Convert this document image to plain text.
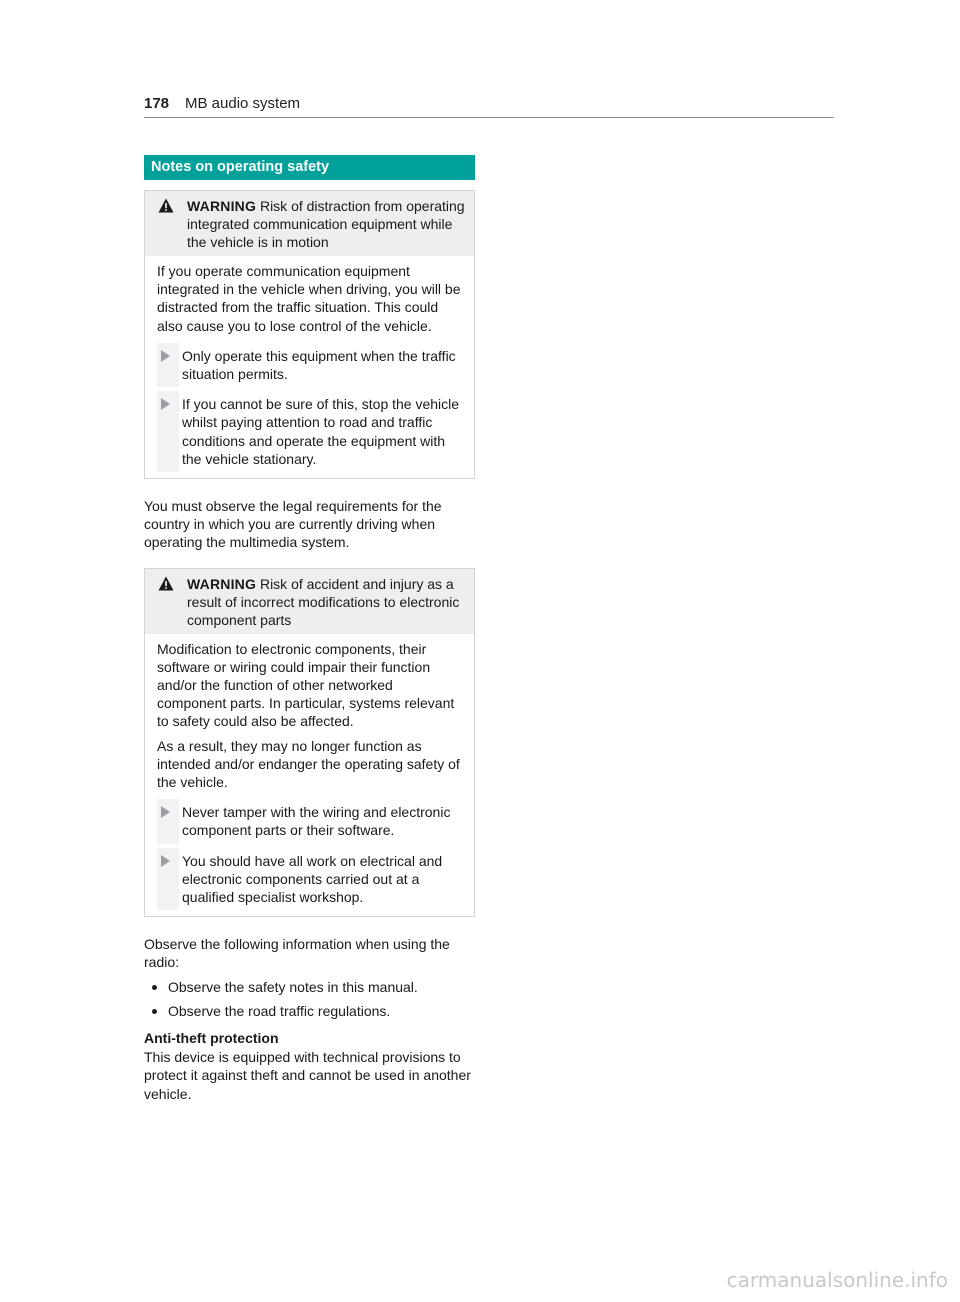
178 MB audio system
Notes on operating safety
WARNING Risk of distraction from operating integrated communication equipment while the vehicle is in motion

If you operate communication equipment integrated in the vehicle when driving, you will be distracted from the traffic situation. This could also cause you to lose control of the vehicle.

Only operate this equipment when the traffic situation permits.
If you cannot be sure of this, stop the vehicle whilst paying attention to road and traffic conditions and operate the equipment with the vehicle stationary.

You must observe the legal requirements for the country in which you are currently driving when operating the multimedia system.

WARNING Risk of accident and injury as a result of incorrect modifications to electronic component parts

Modification to electronic components, their software or wiring could impair their function and/or the function of other networked component parts. In particular, systems relevant to safety could also be affected.

As a result, they may no longer function as intended and/or endanger the operating safety of the vehicle.

Never tamper with the wiring and electronic component parts or their software.
You should have all work on electrical and electronic components carried out at a qualified specialist workshop.

Observe the following information when using the radio:

Observe the safety notes in this manual.
Observe the road traffic regulations.
Anti-theft protection

This device is equipped with technical provisions to protect it against theft and cannot be used in another vehicle.

carmanualsonline.info
